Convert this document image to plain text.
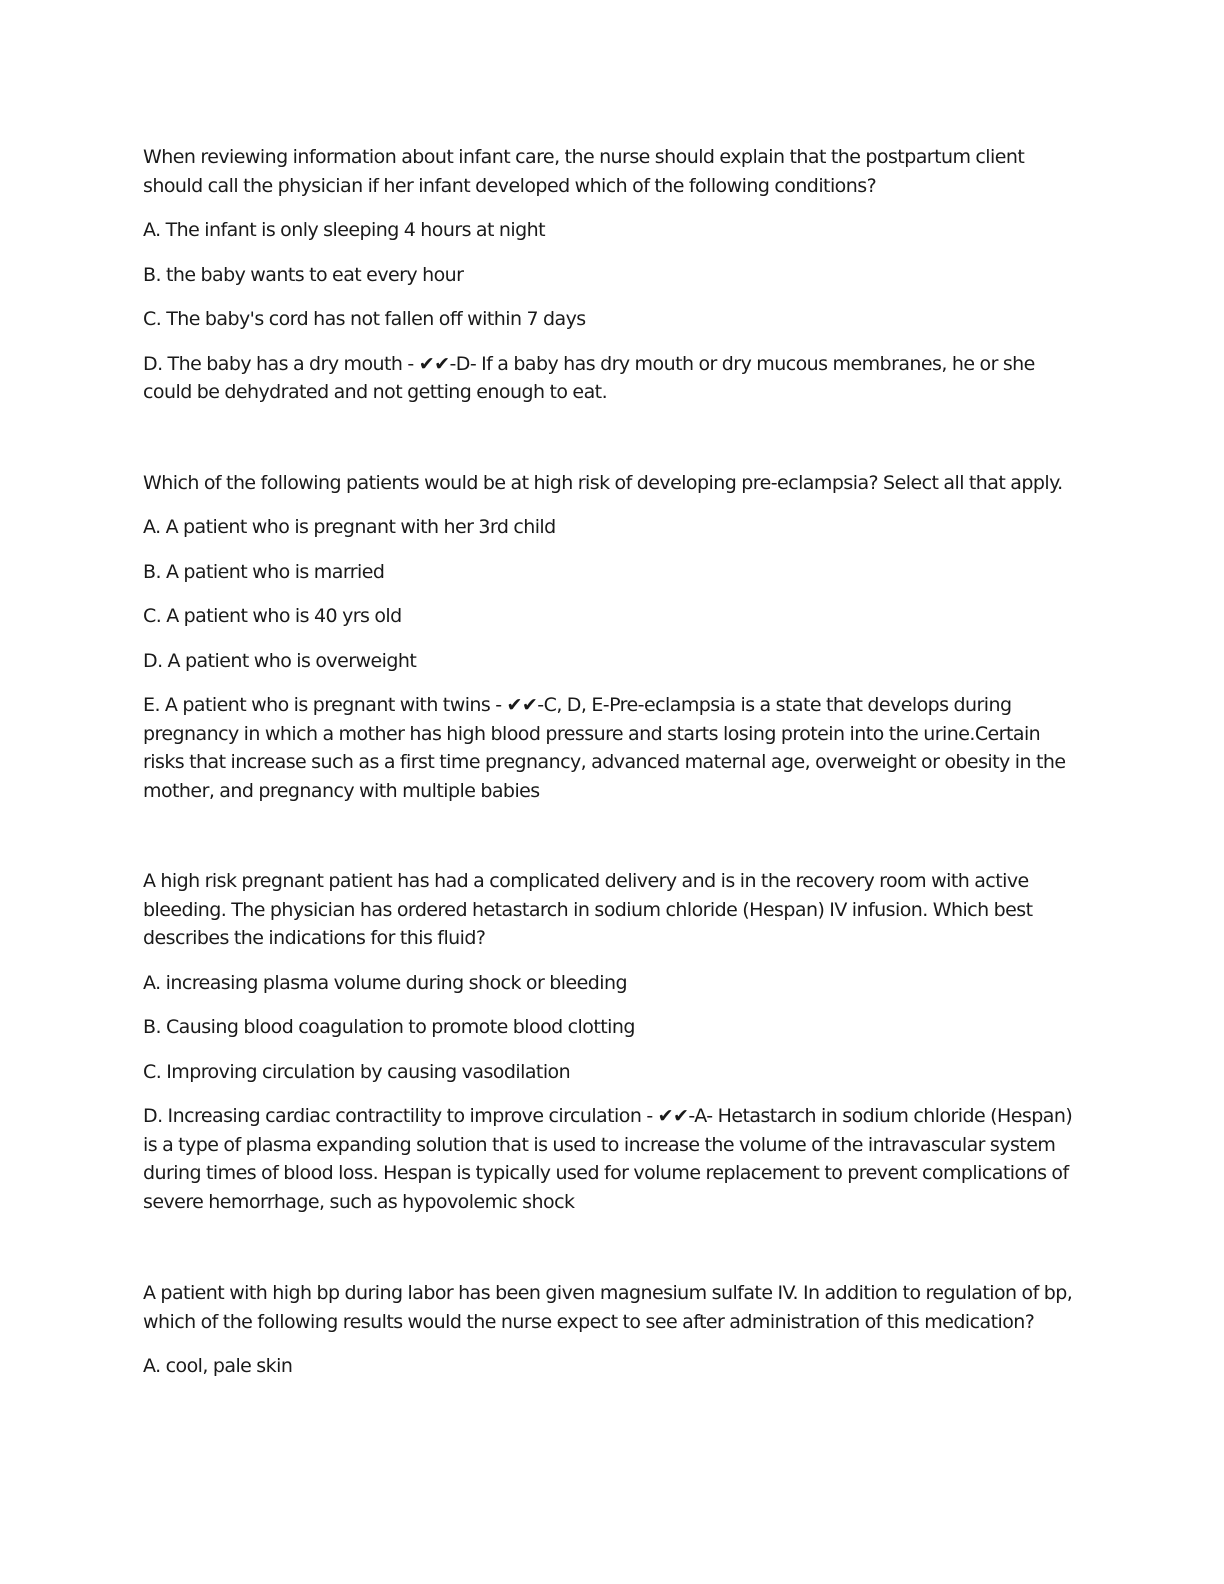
When reviewing information about infant care, the nurse should explain that the postpartum client should call the physician if her infant developed which of the following conditions?

A. The infant is only sleeping 4 hours at night

B. the baby wants to eat every hour

C. The baby's cord has not fallen off within 7 days

D. The baby has a dry mouth - ✔✔-D- If a baby has dry mouth or dry mucous membranes, he or she could be dehydrated and not getting enough to eat.

Which of the following patients would be at high risk of developing pre-eclampsia? Select all that apply.

A. A patient who is pregnant with her 3rd child

B. A patient who is married

C. A patient who is 40 yrs old

D. A patient who is overweight

E. A patient who is pregnant with twins - ✔✔-C, D, E-Pre-eclampsia is a state that develops during pregnancy in which a mother has high blood pressure and starts losing protein into the urine.Certain risks that increase such as a first time pregnancy, advanced maternal age, overweight or obesity in the mother, and pregnancy with multiple babies

A high risk pregnant patient has had a complicated delivery and is in the recovery room with active bleeding. The physician has ordered hetastarch in sodium chloride (Hespan) IV infusion. Which best describes the indications for this fluid?

A. increasing plasma volume during shock or bleeding

B. Causing blood coagulation to promote blood clotting

C. Improving circulation by causing vasodilation

D. Increasing cardiac contractility to improve circulation - ✔✔-A- Hetastarch in sodium chloride (Hespan) is a type of plasma expanding solution that is used to increase the volume of the intravascular system during times of blood loss. Hespan is typically used for volume replacement to prevent complications of severe hemorrhage, such as hypovolemic shock

A patient with high bp during labor has been given magnesium sulfate IV. In addition to regulation of bp, which of the following results would the nurse expect to see after administration of this medication?

A. cool, pale skin
